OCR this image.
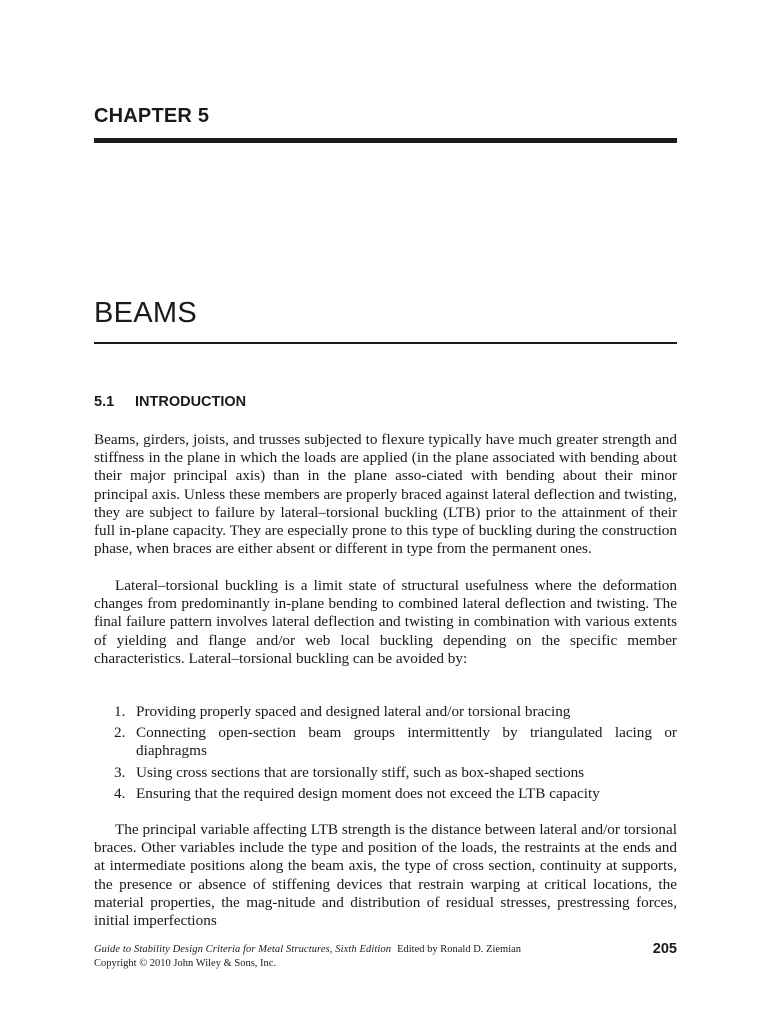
CHAPTER 5
BEAMS
5.1 INTRODUCTION

Beams, girders, joists, and trusses subjected to flexure typically have much greater strength and stiffness in the plane in which the loads are applied (in the plane associated with bending about their major principal axis) than in the plane asso-ciated with bending about their minor principal axis. Unless these members are properly braced against lateral deflection and twisting, they are subject to failure by lateral–torsional buckling (LTB) prior to the attainment of their full in-plane capacity. They are especially prone to this type of buckling during the construction phase, when braces are either absent or different in type from the permanent ones.

Lateral–torsional buckling is a limit state of structural usefulness where the deformation changes from predominantly in-plane bending to combined lateral deflection and twisting. The final failure pattern involves lateral deflection and twisting in combination with various extents of yielding and flange and/or web local buckling depending on the specific member characteristics. Lateral–torsional buckling can be avoided by:

1. Providing properly spaced and designed lateral and/or torsional bracing
2. Connecting open-section beam groups intermittently by triangulated lacing or diaphragms
3. Using cross sections that are torsionally stiff, such as box-shaped sections
4. Ensuring that the required design moment does not exceed the LTB capacity

The principal variable affecting LTB strength is the distance between lateral and/or torsional braces. Other variables include the type and position of the loads, the restraints at the ends and at intermediate positions along the beam axis, the type of cross section, continuity at supports, the presence or absence of stiffening devices that restrain warping at critical locations, the material properties, the mag-nitude and distribution of residual stresses, prestressing forces, initial imperfections

Guide to Stability Design Criteria for Metal Structures, Sixth Edition Edited by Ronald D. Ziemian	205
Copyright © 2010 John Wiley & Sons, Inc.
